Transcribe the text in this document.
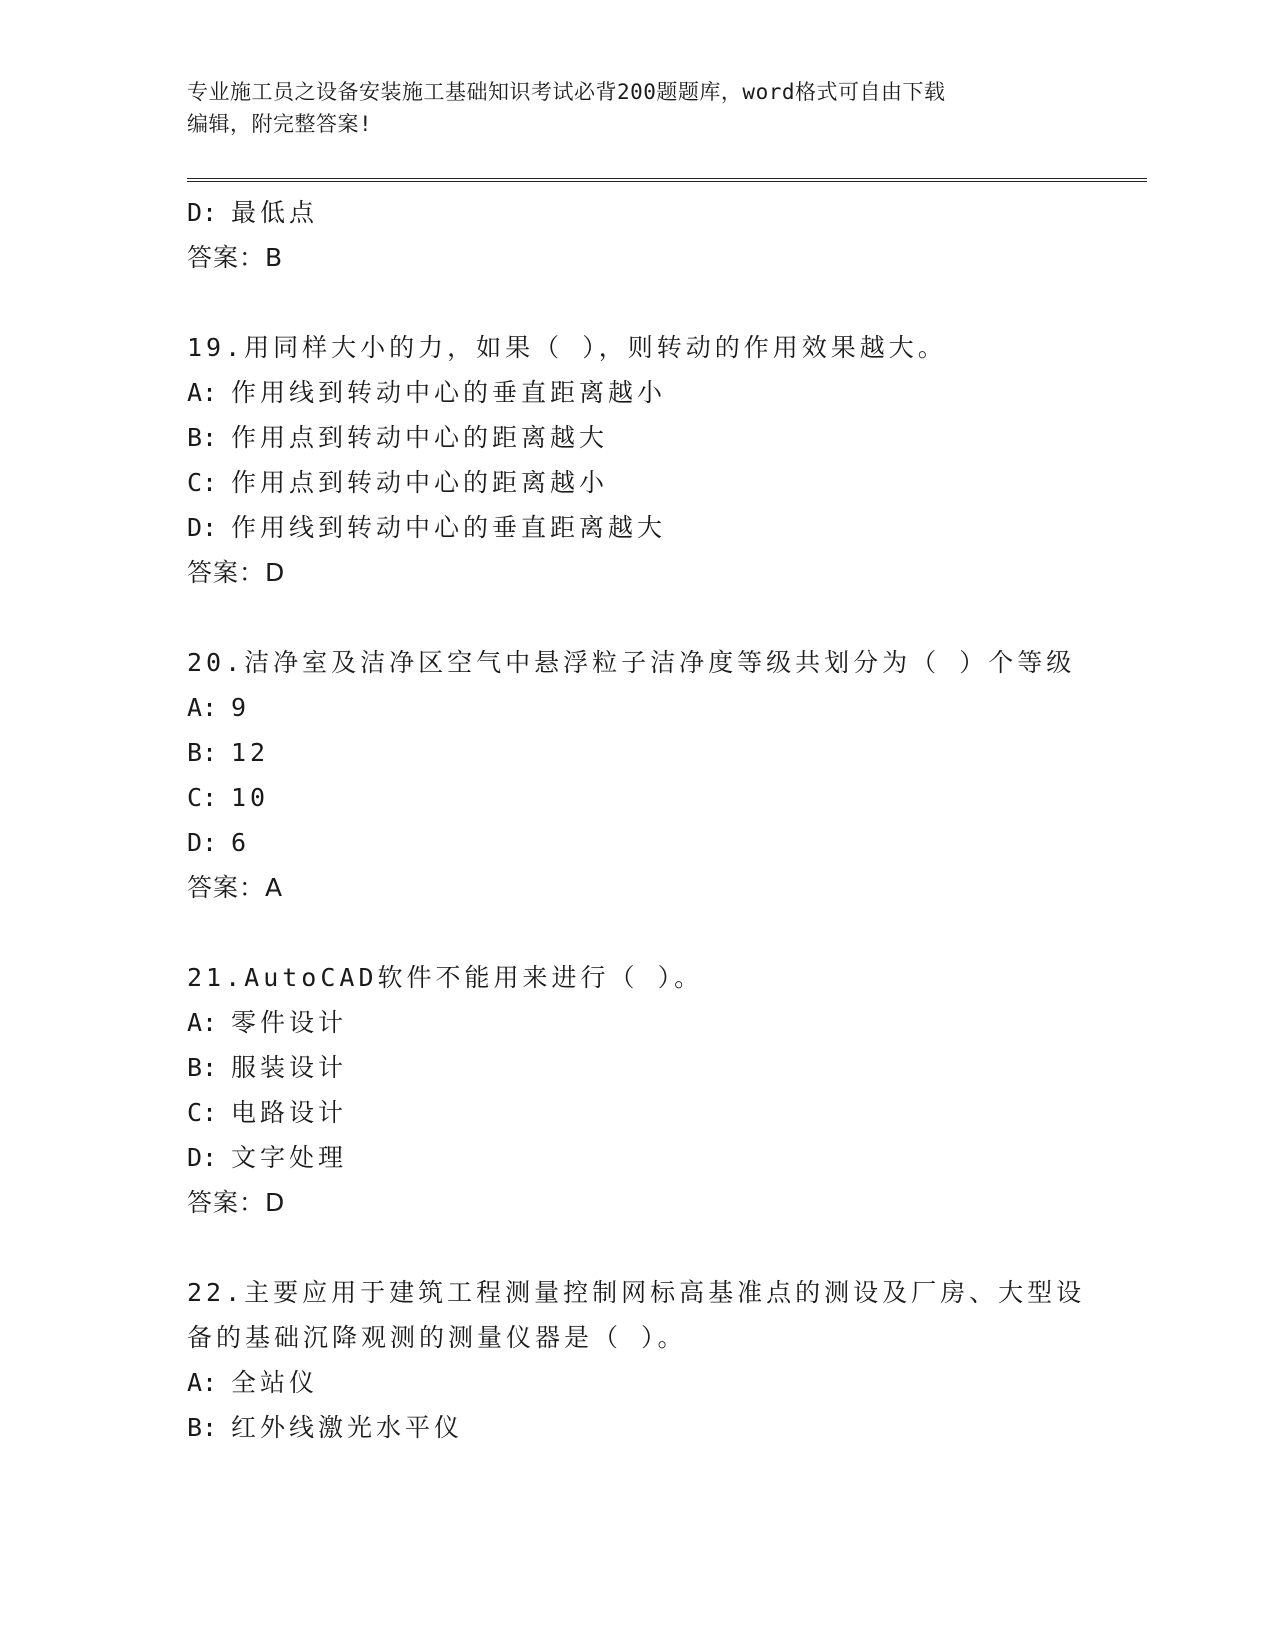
专业施工员之设备安装施工基础知识考试必背200题题库，word格式可自由下载
编辑，附完整答案!
D: 最低点
答案：B
19.用同样大小的力，如果（ ），则转动的作用效果越大。
A: 作用线到转动中心的垂直距离越小
B: 作用点到转动中心的距离越大
C: 作用点到转动中心的距离越小
D: 作用线到转动中心的垂直距离越大
答案：D
20.洁净室及洁净区空气中悬浮粒子洁净度等级共划分为（ ）个等级
A: 9
B: 12
C: 10
D: 6
答案：A
21.AutoCAD软件不能用来进行（ ）。
A: 零件设计
B: 服装设计
C: 电路设计
D: 文字处理
答案：D
22.主要应用于建筑工程测量控制网标高基准点的测设及厂房、大型设
备的基础沉降观测的测量仪器是（ ）。
A: 全站仪
B: 红外线激光水平仪
